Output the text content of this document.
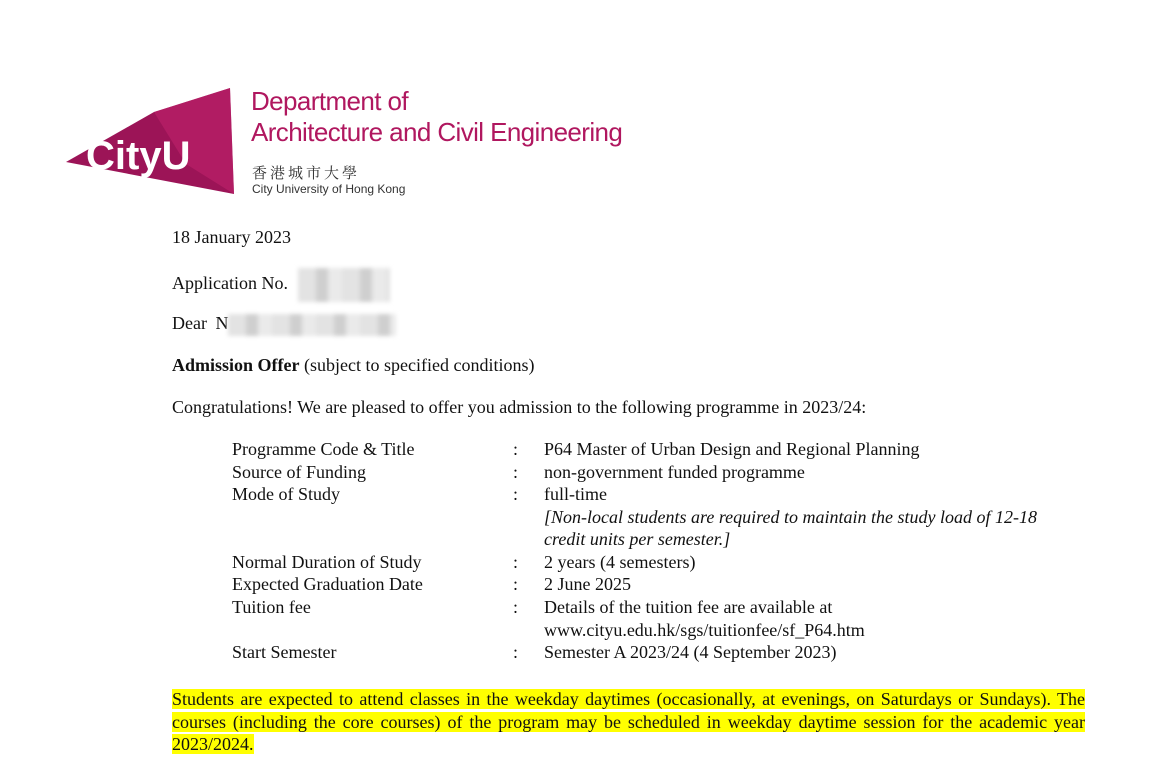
CityU
Department of
Architecture and Civil Engineering
香港城市大學
City University of Hong Kong
18 January 2023
Application No.
Dear N
Admission Offer (subject to specified conditions)
Congratulations! We are pleased to offer you admission to the following programme in 2023/24:
Programme Code & Title	: P64 Master of Urban Design and Regional Planning
Source of Funding	: non-government funded programme
Mode of Study	: full-time
[Non-local students are required to maintain the study load of 12-18
credit units per semester.]
Normal Duration of Study	: 2 years (4 semesters)
Expected Graduation Date	: 2 June 2025
Tuition fee	: Details of the tuition fee are available at
www.cityu.edu.hk/sgs/tuitionfee/sf_P64.htm
Start Semester	: Semester A 2023/24 (4 September 2023)
Students are expected to attend classes in the weekday daytimes (occasionally, at evenings, on Saturdays or Sundays). The courses (including the core courses) of the program may be scheduled in weekday daytime session for the academic year 2023/2024.
